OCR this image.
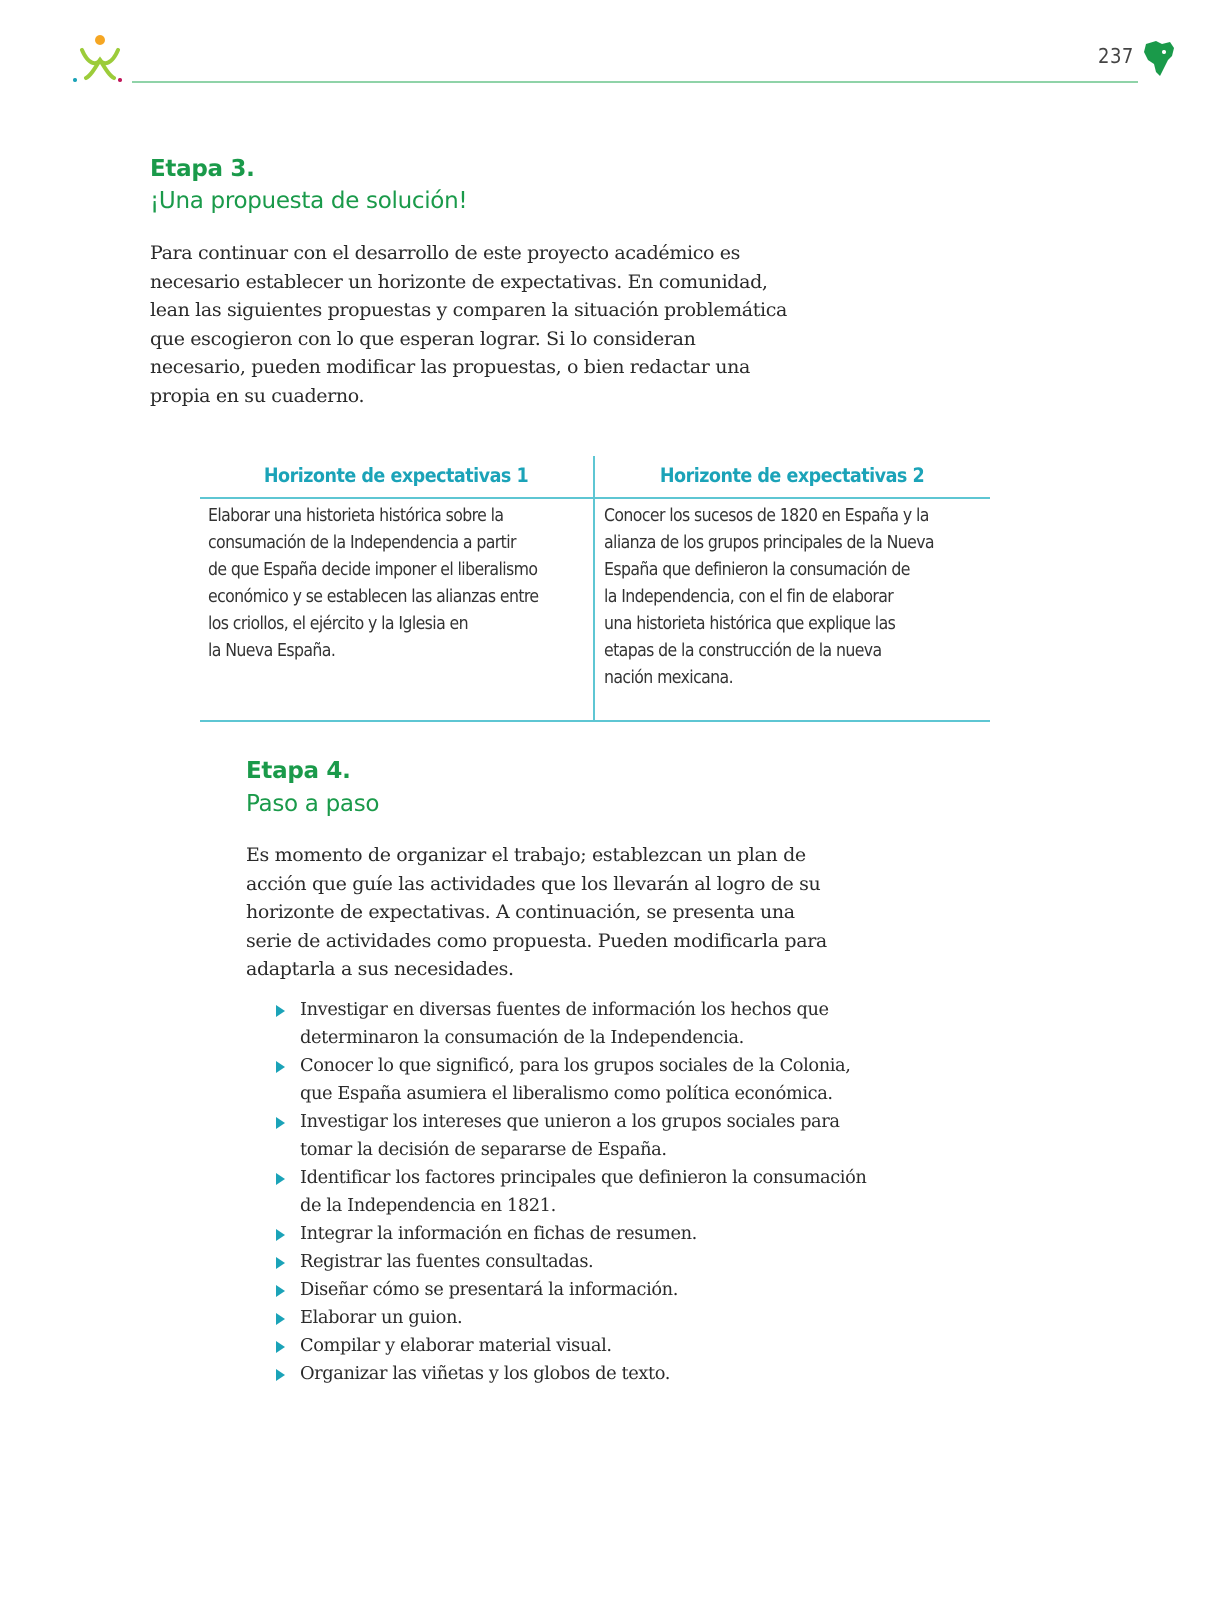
237
Etapa 3.
¡Una propuesta de solución!

Para continuar con el desarrollo de este proyecto académico es
necesario establecer un horizonte de expectativas. En comunidad,
lean las siguientes propuestas y comparen la situación problemática
que escogieron con lo que esperan lograr. Si lo consideran
necesario, pueden modificar las propuestas, o bien redactar una
propia en su cuaderno.

Horizonte de expectativas 1	Horizonte de expectativas 2

Elaborar una historieta histórica sobre la
consumación de la Independencia a partir
de que España decide imponer el liberalismo
económico y se establecen las alianzas entre
los criollos, el ejército y la Iglesia en
la Nueva España.

Conocer los sucesos de 1820 en España y la
alianza de los grupos principales de la Nueva
España que definieron la consumación de
la Independencia, con el fin de elaborar
una historieta histórica que explique las
etapas de la construcción de la nueva
nación mexicana.

Etapa 4.
Paso a paso

Es momento de organizar el trabajo; establezcan un plan de
acción que guíe las actividades que los llevarán al logro de su
horizonte de expectativas. A continuación, se presenta una
serie de actividades como propuesta. Pueden modificarla para
adaptarla a sus necesidades.

Investigar en diversas fuentes de información los hechos que
determinaron la consumación de la Independencia.
Conocer lo que significó, para los grupos sociales de la Colonia,
que España asumiera el liberalismo como política económica.
Investigar los intereses que unieron a los grupos sociales para
tomar la decisión de separarse de España.
Identificar los factores principales que definieron la consumación
de la Independencia en 1821.
Integrar la información en fichas de resumen.
Registrar las fuentes consultadas.
Diseñar cómo se presentará la información.
Elaborar un guion.
Compilar y elaborar material visual.
Organizar las viñetas y los globos de texto.
